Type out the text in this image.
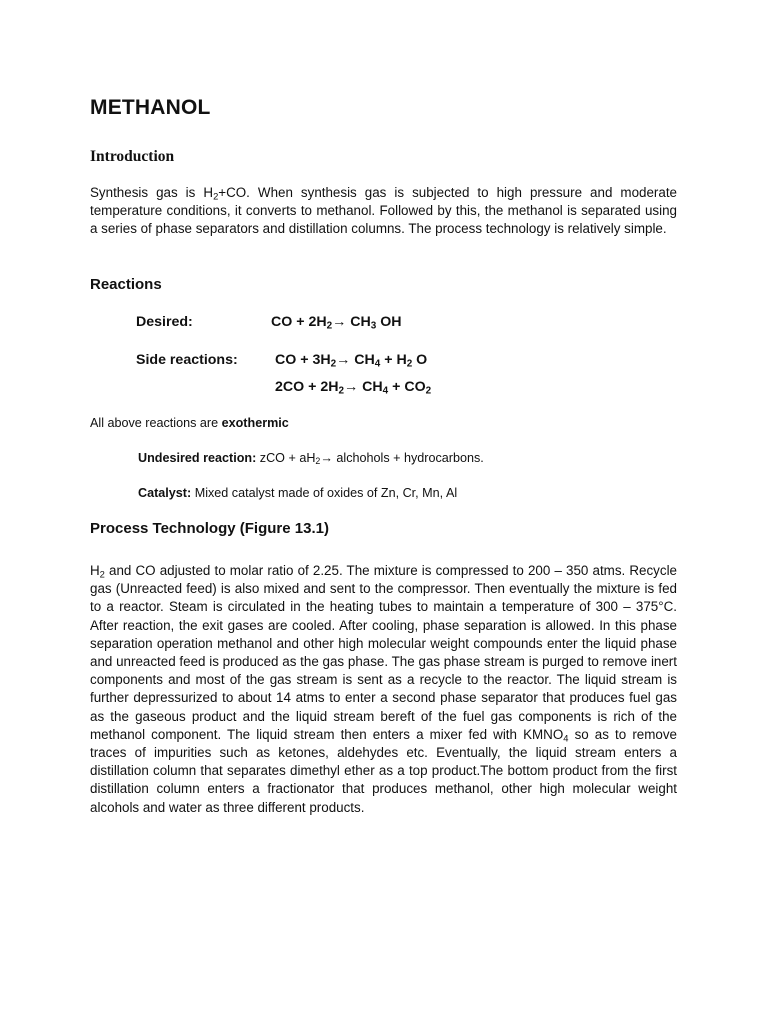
METHANOL
Introduction
Synthesis gas is $H_2+CO$. When synthesis gas is subjected to high pressure and moderate temperature conditions, it converts to methanol. Followed by this, the methanol is separated using a series of phase separators and distillation columns. The process technology is relatively simple.
Reactions
Desired:	CO + $2H_2\to CH_3$ OH
Side reactions:	CO + $3H_2\to CH_4 + H_2$ O
$2CO + 2H_2\to CH_4 + CO_2$
All above reactions are exothermic
Undesired reaction: zCO + $aH_2\to$ alchohols + hydrocarbons.
Catalyst: Mixed catalyst made of oxides of Zn, Cr, Mn, Al
Process Technology (Figure 13.1)
$H_2$ and CO adjusted to molar ratio of 2.25. The mixture is compressed to 200 – 350 atms. Recycle gas (Unreacted feed) is also mixed and sent to the compressor. Then eventually the mixture is fed to a reactor. Steam is circulated in the heating tubes to maintain a temperature of 300 – 375°C. After reaction, the exit gases are cooled. After cooling, phase separation is allowed. In this phase separation operation methanol and other high molecular weight compounds enter the liquid phase and unreacted feed is produced as the gas phase. The gas phase stream is purged to remove inert components and most of the gas stream is sent as a recycle to the reactor. The liquid stream is further depressurized to about 14 atms to enter a second phase separator that produces fuel gas as the gaseous product and the liquid stream bereft of the fuel gas components is rich of the methanol component. The liquid stream then enters a mixer fed with $KMNO_4$ so as to remove traces of impurities such as ketones, aldehydes etc. Eventually, the liquid stream enters a distillation column that separates dimethyl ether as a top product.The bottom product from the first distillation column enters a fractionator that produces methanol, other high molecular weight alcohols and water as three different products.
